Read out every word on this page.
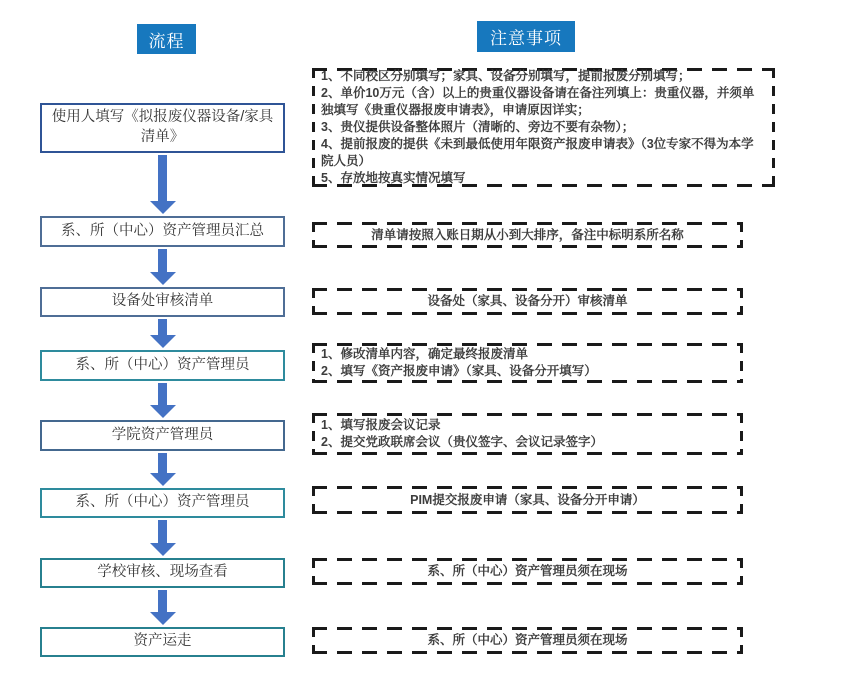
流程	注意事项
使用人填写《拟报废仪器设备/家具清单》
系、所（中心）资产管理员汇总
设备处审核清单
系、所（中心）资产管理员
学院资产管理员
系、所（中心）资产管理员
学校审核、现场查看
资产运走
1、不同校区分别填写；家具、设备分别填写，提前报废分别填写；
2、单价10万元（含）以上的贵重仪器设备请在备注列填上：贵重仪器，并须单独填写《贵重仪器报废申请表》，申请原因详实；
3、贵仪提供设备整体照片（清晰的、旁边不要有杂物）；
4、提前报废的提供《未到最低使用年限资产报废申请表》（3位专家不得为本学院人员）
5、存放地按真实情况填写
清单请按照入账日期从小到大排序，备注中标明系所名称
设备处（家具、设备分开）审核清单
1、修改清单内容，确定最终报废清单
2、填写《资产报废申请》（家具、设备分开填写）
1、填写报废会议记录
2、提交党政联席会议（贵仪签字、会议记录签字）
PIM提交报废申请（家具、设备分开申请）
系、所（中心）资产管理员须在现场
系、所（中心）资产管理员须在现场
